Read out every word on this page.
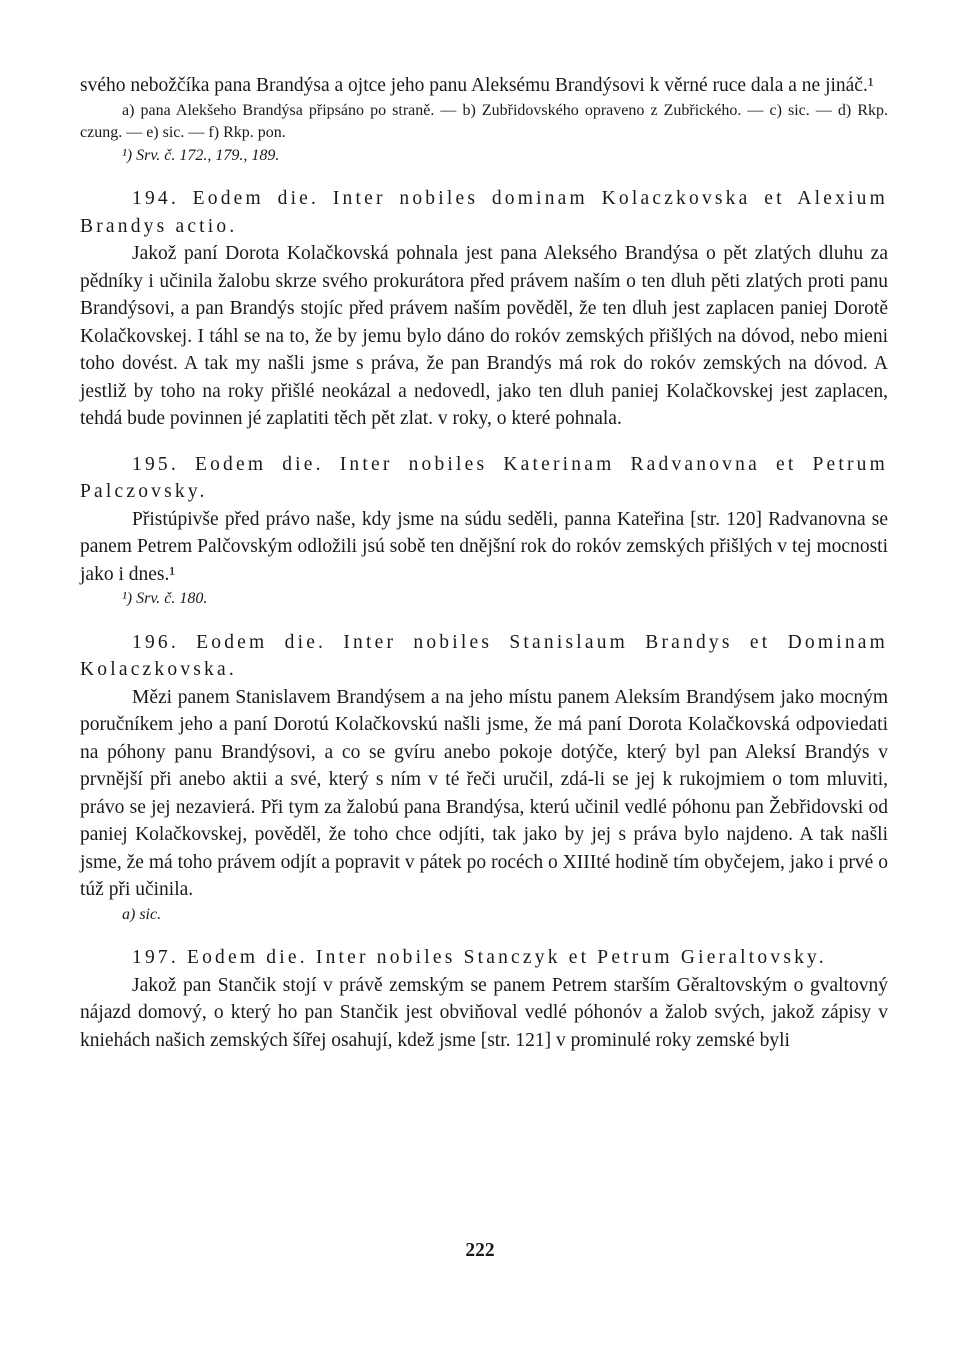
svého nebožčíka pana Brandýsa a ojtce jeho panu Aleksému Brandýsovi k věrné ruce dala a ne jináč.¹

a) pana Alekšeho Brandýsa připsáno po straně. — b) Zubřidovského opraveno z Zubřického. — c) sic. — d) Rkp. czung. — e) sic. — f) Rkp. pon.

¹) Srv. č. 172., 179., 189.

194. Eodem die. Inter nobiles dominam Kolaczkovska et Alexium Brandys actio.

Jakož paní Dorota Kolačkovská pohnala jest pana Alekséhо Brandýsa o pět zlatých dluhu za pědníky i učinila žalobu skrze svého prokurátora před právem naším o ten dluh pěti zlatých proti panu Brandýsovi, a pan Brandýs stojíc před právem naším pověděl, že ten dluh jest zaplacen paniej Dorotě Kolačkovskej. I táhl se na to, že by jemu bylo dáno do rokóv zemských přišlých na dóvod, nebo mieni toho dovést. A tak my našli jsme s práva, že pan Brandýs má rok do rokóv zemských na dóvod. A jestliž by toho na roky přišlé neokázal a nedovedl, jako ten dluh paniej Kolačkovskej jest zaplacen, tehdá bude povinnen jé zaplatiti těch pět zlat. v roky, o které pohnala.

195. Eodem die. Inter nobiles Katerinam Radvanovna et Petrum Palczovsky.

Přistúpivše před právo naše, kdy jsme na súdu seděli, panna Kateřina [str. 120] Radvanovna se panem Petrem Palčovským odložili jsú sobě ten dnějšní rok do rokóv zemských přišlých v tej mocnosti jako i dnes.¹

¹) Srv. č. 180.

196. Eodem die. Inter nobiles Stanislaum Brandys et Dominam Kolaczkovska.

Mězi panem Stanislavem Brandýsem a na jeho místu panem Aleksím Brandýsem jako mocným poručníkem jeho a paní Dorotú Kolačkovskú našli jsme, že má paní Dorota Kolačkovská odpoviedati na póhony panu Brandýsovi, a co se gvíru anebo pokoje dotýče, který byl pan Aleksí Brandýs v prvnější při anebo aktii a své, který s ním v té řeči uručil, zdá-li se jej k rukojmiem o tom mluviti, právo se jej nezavierá. Při tym za žalobú pana Brandýsa, kterú učinil vedlé póhonu pan Žebřidovski od paniej Kolačkovskej, pověděl, že toho chce odjíti, tak jako by jej s práva bylo najdeno. A tak našli jsme, že má toho právem odjít a popravit v pátek po rocéch o XIIIté hodině tím obyčejem, jako i prvé o túž při učinila.

a) sic.

197. Eodem die. Inter nobiles Stanczyk et Petrum Gieraltovsky.

Jakož pan Stančik stojí v právě zemským se panem Petrem starším Gěraltovským o gvaltovný nájazd domový, o který ho pan Stančik jest obviňoval vedlé póhonóv a žalob svých, jakož zápisy v kniehách našich zemských šířej osahují, kdež jsme [str. 121] v prominulé roky zemské byli

222
